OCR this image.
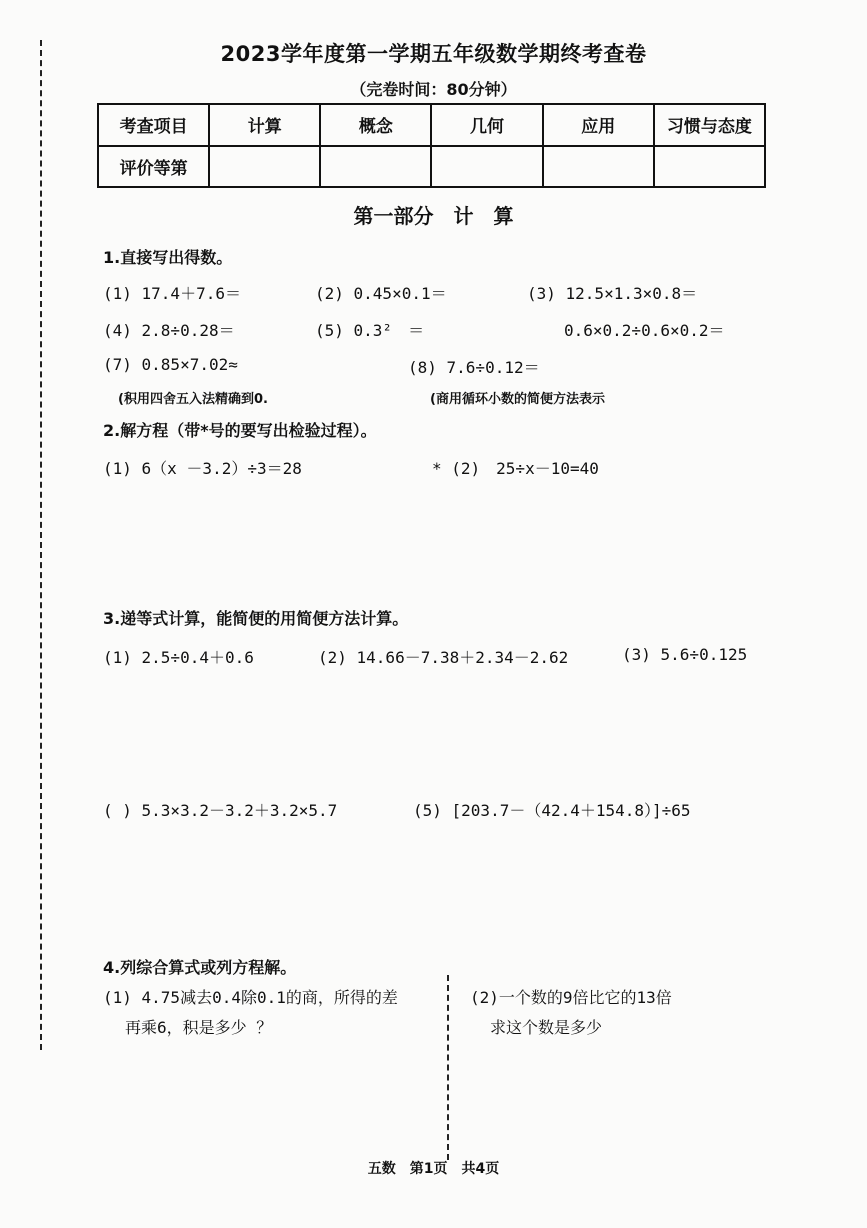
2023学年度第一学期五年级数学期终考查卷
（完卷时间：80分钟）
考查项目	计算	概念	几何	应用	习惯与态度
评价等第					
第一部分　计　算
1.直接写出得数。
(1) 17.4＋7.6＝	(2) 0.45×0.1＝	(3) 12.5×1.3×0.8＝
(4) 2.8÷0.28＝	(5) 0.3²　＝	0.6×0.2÷0.6×0.2＝
(7) 0.85×7.02≈	(8) 7.6÷0.12＝
(积用四舍五入法精确到0.	(商用循环小数的简便方法表示
2.解方程（带*号的要写出检验过程）。
(1) 6（x －3.2）÷3＝28	* (2)　25÷x－10=40
3.递等式计算，能简便的用简便方法计算。
(1) 2.5÷0.4＋0.6	(2) 14.66－7.38＋2.34－2.62	(3) 5.6÷0.125
( ) 5.3×3.2－3.2＋3.2×5.7	(5) [203.7－（42.4＋154.8）]÷65
4.列综合算式或列方程解。
(1) 4.75减去0.4除0.1的商，所得的差
再乘6，积是多少 ？
(2)一个数的9倍比它的13倍
求这个数是多少
五数　第1页　共4页
